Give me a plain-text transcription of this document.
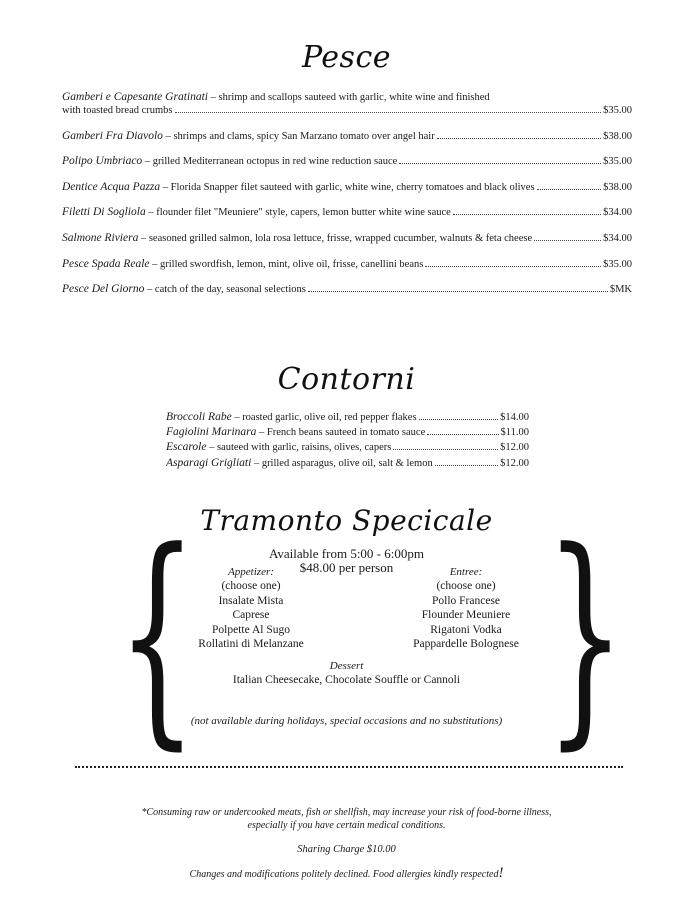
Pesce
Gamberi e Capesante Gratinati – shrimp and scallops sauteed with garlic, white wine and finished
with toasted bread crumbs	$35.00
Gamberi Fra Diavolo – shrimps and clams, spicy San Marzano tomato over angel hair	$38.00
Polipo Umbriaco – grilled Mediterranean octopus in red wine reduction sauce	$35.00
Dentice Acqua Pazza – Florida Snapper filet sauteed with garlic, white wine, cherry tomatoes and black olives	$38.00
Filetti Di Sogliola – flounder filet "Meuniere" style, capers, lemon butter white wine sauce	$34.00
Salmone Riviera – seasoned grilled salmon, lola rosa lettuce, frisse, wrapped cucumber, walnuts & feta cheese	$34.00
Pesce Spada Reale – grilled swordfish, lemon, mint, olive oil, frisse, canellini beans	$35.00
Pesce Del Giorno – catch of the day, seasonal selections	$MK
Contorni
Broccoli Rabe – roasted garlic, olive oil, red pepper flakes	$14.00
Fagiolini Marinara – French beans sauteed in tomato sauce	$11.00
Escarole – sauteed with garlic, raisins, olives, capers	$12.00
Asparagi Grigliati – grilled asparagus, olive oil, salt & lemon	$12.00
Tramonto Specicale
{ }
Available from 5:00 - 6:00pm
$48.00 per person
Appetizer:
(choose one)
Insalate Mista
Caprese
Polpette Al Sugo
Rollatini di Melanzane
Entree:
(choose one)
Pollo Francese
Flounder Meuniere
Rigatoni Vodka
Pappardelle Bolognese
Dessert
Italian Cheesecake, Chocolate Souffle or Cannoli
(not available during holidays, special occasions and no substitutions)
*Consuming raw or undercooked meats, fish or shellfish, may increase your risk of food-borne illness,
especially if you have certain medical conditions.
Sharing Charge $10.00
Changes and modifications politely declined. Food allergies kindly respected!
